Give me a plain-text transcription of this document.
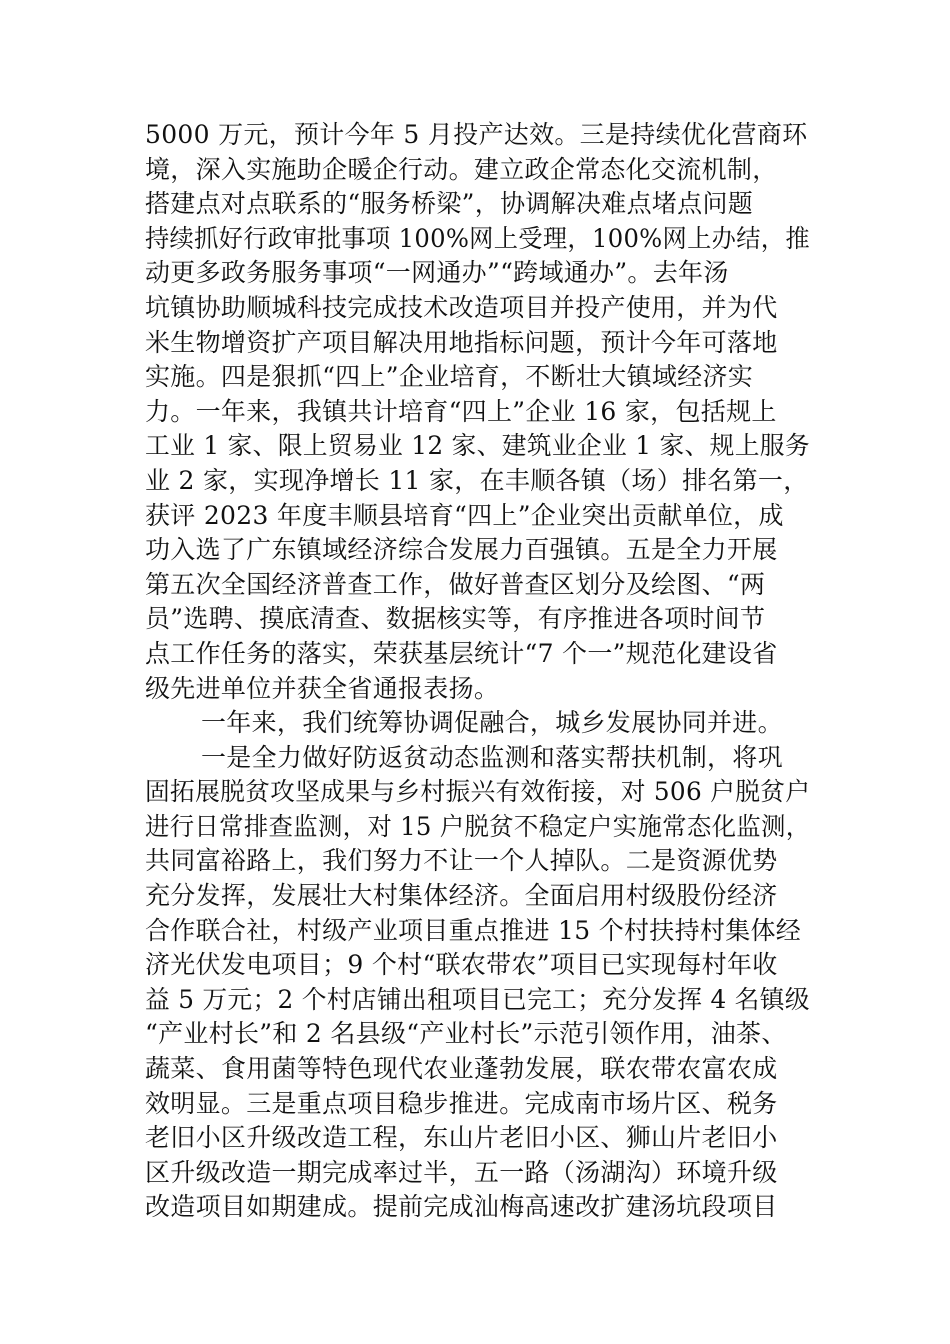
5000 万元，预计今年 5 月投产达效。三是持续优化营商环
境，深入实施助企暖企行动。建立政企常态化交流机制，
搭建点对点联系的“服务桥梁”，协调解决难点堵点问题
持续抓好行政审批事项 100%网上受理，100%网上办结，推
动更多政务服务事项“一网通办”“跨域通办”。去年汤
坑镇协助顺城科技完成技术改造项目并投产使用，并为代
米生物增资扩产项目解决用地指标问题，预计今年可落地
实施。四是狠抓“四上”企业培育，不断壮大镇域经济实
力。一年来，我镇共计培育“四上”企业 16 家，包括规上
工业 1 家、限上贸易业 12 家、建筑业企业 1 家、规上服务
业 2 家，实现净增长 11 家，在丰顺各镇（场）排名第一，
获评 2023 年度丰顺县培育“四上”企业突出贡献单位，成
功入选了广东镇域经济综合发展力百强镇。五是全力开展
第五次全国经济普查工作，做好普查区划分及绘图、“两
员”选聘、摸底清查、数据核实等，有序推进各项时间节
点工作任务的落实，荣获基层统计“7 个一”规范化建设省
级先进单位并获全省通报表扬。
一年来，我们统筹协调促融合，城乡发展协同并进。
一是全力做好防返贫动态监测和落实帮扶机制，将巩
固拓展脱贫攻坚成果与乡村振兴有效衔接，对 506 户脱贫户
进行日常排查监测，对 15 户脱贫不稳定户实施常态化监测，
共同富裕路上，我们努力不让一个人掉队。二是资源优势
充分发挥，发展壮大村集体经济。全面启用村级股份经济
合作联合社，村级产业项目重点推进 15 个村扶持村集体经
济光伏发电项目；9 个村“联农带农”项目已实现每村年收
益 5 万元；2 个村店铺出租项目已完工；充分发挥 4 名镇级
“产业村长”和 2 名县级“产业村长”示范引领作用，油茶、
蔬菜、食用菌等特色现代农业蓬勃发展，联农带农富农成
效明显。三是重点项目稳步推进。完成南市场片区、税务
老旧小区升级改造工程，东山片老旧小区、狮山片老旧小
区升级改造一期完成率过半，五一路（汤湖沟）环境升级
改造项目如期建成。提前完成汕梅高速改扩建汤坑段项目
